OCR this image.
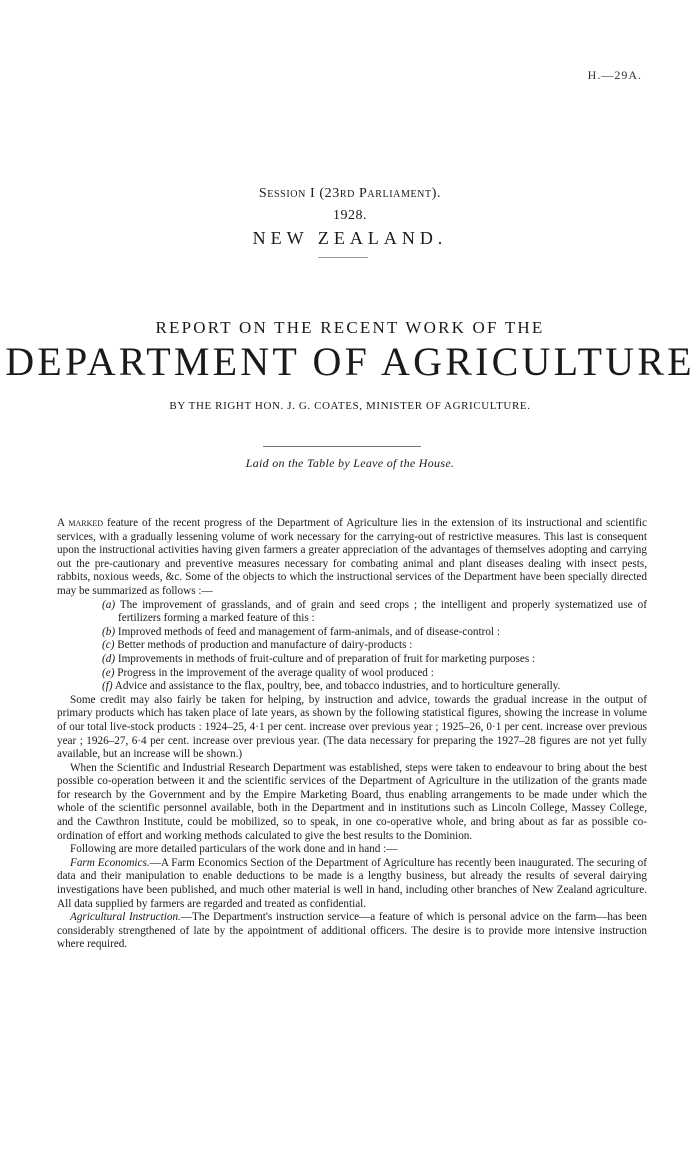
H.—29A.
Session I (23rd Parliament).
1928.
NEW ZEALAND.
REPORT ON THE RECENT WORK OF THE
DEPARTMENT OF AGRICULTURE
BY THE RIGHT HON. J. G. COATES, MINISTER OF AGRICULTURE.
Laid on the Table by Leave of the House.

A marked feature of the recent progress of the Department of Agriculture lies in the extension of its instructional and scientific services, with a gradually lessening volume of work necessary for the carrying-out of restrictive measures. This last is consequent upon the instructional activities having given farmers a greater appreciation of the advantages of themselves adopting and carrying out the pre-cautionary and preventive measures necessary for combating animal and plant diseases dealing with insect pests, rabbits, noxious weeds, &c. Some of the objects to which the instructional services of the Department have been specially directed may be summarized as follows :—

(a) The improvement of grasslands, and of grain and seed crops ; the intelligent and properly systematized use of fertilizers forming a marked feature of this :
(b) Improved methods of feed and management of farm-animals, and of disease-control :
(c) Better methods of production and manufacture of dairy-products :
(d) Improvements in methods of fruit-culture and of preparation of fruit for marketing purposes :
(e) Progress in the improvement of the average quality of wool produced :
(f) Advice and assistance to the flax, poultry, bee, and tobacco industries, and to horticulture generally.

Some credit may also fairly be taken for helping, by instruction and advice, towards the gradual increase in the output of primary products which has taken place of late years, as shown by the following statistical figures, showing the increase in volume of our total live-stock products : 1924–25, 4·1 per cent. increase over previous year ; 1925–26, 0·1 per cent. increase over previous year ; 1926–27, 6·4 per cent. increase over previous year. (The data necessary for preparing the 1927–28 figures are not yet fully available, but an increase will be shown.)

When the Scientific and Industrial Research Department was established, steps were taken to endeavour to bring about the best possible co-operation between it and the scientific services of the Department of Agriculture in the utilization of the grants made for research by the Government and by the Empire Marketing Board, thus enabling arrangements to be made under which the whole of the scientific personnel available, both in the Department and in institutions such as Lincoln College, Massey College, and the Cawthron Institute, could be mobilized, so to speak, in one co-operative whole, and bring about as far as possible co-ordination of effort and working methods calculated to give the best results to the Dominion.

Following are more detailed particulars of the work done and in hand :—

Farm Economics.—A Farm Economics Section of the Department of Agriculture has recently been inaugurated. The securing of data and their manipulation to enable deductions to be made is a lengthy business, but already the results of several dairying investigations have been published, and much other material is well in hand, including other branches of New Zealand agriculture. All data supplied by farmers are regarded and treated as confidential.

Agricultural Instruction.—The Department's instruction service—a feature of which is personal advice on the farm—has been considerably strengthened of late by the appointment of additional officers. The desire is to provide more intensive instruction where required.
